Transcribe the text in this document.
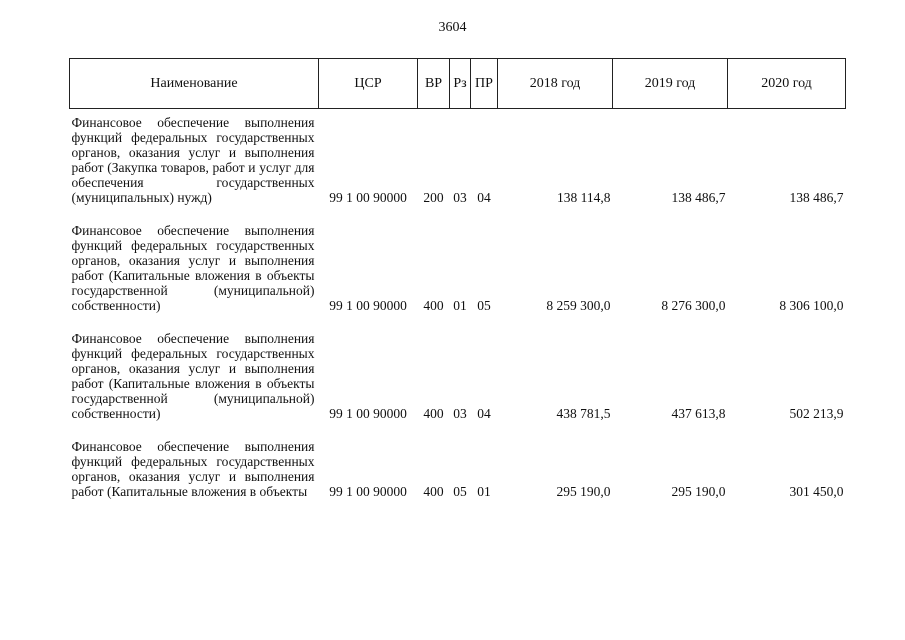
3604
Наименование	ЦСР	ВР	Рз	ПР	2018 год	2019 год	2020 год
Финансовое обеспечение выполнения функций федеральных государственных органов, оказания услуг и выполнения работ (Закупка товаров, работ и услуг для обеспечения государственных (муниципальных) нужд)	99 1 00 90000	200	03	04	138 114,8	138 486,7	138 486,7

Финансовое обеспечение выполнения функций федеральных государственных органов, оказания услуг и выполнения работ (Капитальные вложения в объекты государственной (муниципальной) собственности)	99 1 00 90000	400	01	05	8 259 300,0	8 276 300,0	8 306 100,0

Финансовое обеспечение выполнения функций федеральных государственных органов, оказания услуг и выполнения работ (Капитальные вложения в объекты государственной (муниципальной) собственности)	99 1 00 90000	400	03	04	438 781,5	437 613,8	502 213,9

Финансовое обеспечение выполнения функций федеральных государственных органов, оказания услуг и выполнения работ (Капитальные вложения в объекты	99 1 00 90000	400	05	01	295 190,0	295 190,0	301 450,0
